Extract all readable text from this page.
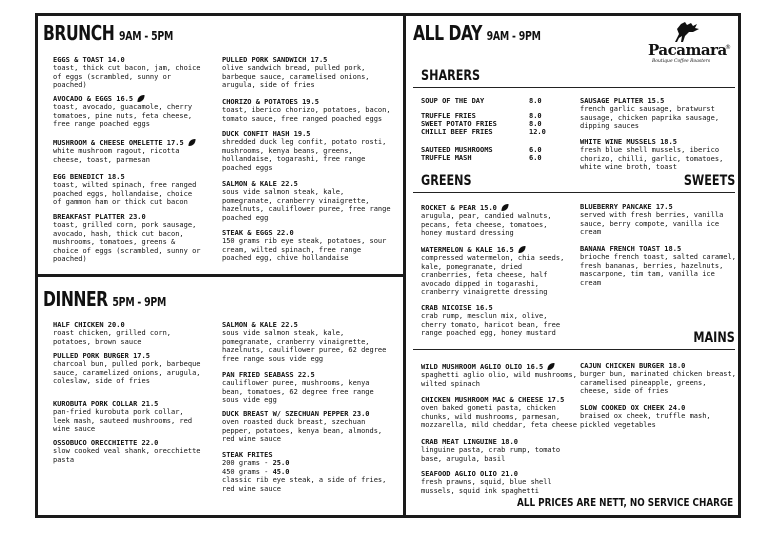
BRUNCH 9AM - 5PM
EGGS & TOAST 14.0
toast, thick cut bacon, jam, choice of eggs (scrambled, sunny or poached)
AVOCADO & EGGS 16.5
toast, avocado, guacamole, cherry tomatoes, pine nuts, feta cheese, free range poached eggs
MUSHROOM & CHEESE OMELETTE 17.5
white mushroom ragout, ricotta cheese, toast, parmesan
EGG BENEDICT 18.5
toast, wilted spinach, free ranged poached eggs, hollandaise, choice of gammon ham or thick cut bacon
BREAKFAST PLATTER 23.0
toast, grilled corn, pork sausage, avocado, hash, thick cut bacon, mushrooms, tomatoes, greens & choice of eggs (scrambled, sunny or poached)
PULLED PORK SANDWICH 17.5
olive sandwich bread, pulled pork, barbeque sauce, caramelised onions, arugula, side of fries
CHORIZO & POTATOES 19.5
toast, iberico chorizo, potatoes, bacon, tomato sauce, free ranged poached eggs
DUCK CONFIT HASH 19.5
shredded duck leg confit, potato rosti, mushrooms, kenya beans, greens, hollandaise, togarashi, free range poached eggs
SALMON & KALE 22.5
sous vide salmon steak, kale, pomegranate, cranberry vinaigrette, hazelnuts, cauliflower puree, free range poached egg
STEAK & EGGS 22.0
150 grams rib eye steak, potatoes, sour cream, wilted spinach, free range poached egg, chive hollandaise
DINNER 5PM - 9PM
HALF CHICKEN 20.0
roast chicken, grilled corn, potatoes, brown sauce
PULLED PORK BURGER 17.5
charcoal bun, pulled pork, barbeque sauce, caramelized onions, arugula, coleslaw, side of fries
KUROBUTA PORK COLLAR 21.5
pan-fried kurobuta pork collar, leek mash, sauteed mushrooms, red wine sauce
OSSOBUCO ORECCHIETTE 22.0
slow cooked veal shank, orecchiette pasta
SALMON & KALE 22.5
sous vide salmon steak, kale, pomegranate, cranberry vinaigrette, hazelnuts, cauliflower puree, 62 degree free range sous vide egg
PAN FRIED SEABASS 22.5
cauliflower puree, mushrooms, kenya bean, tomatoes, 62 degree free range sous vide egg
DUCK BREAST W/ SZECHUAN PEPPER 23.0
oven roasted duck breast, szechuan pepper, potatoes, kenya bean, almonds, red wine sauce
STEAK FRITES
200 grams - 25.0
450 grams - 45.0
classic rib eye steak, a side of fries, red wine sauce
ALL DAY 9AM - 9PM
Pacamara
®
Boutique Coffee Roasters
SHARERS
SOUP OF THE DAY	8.0
TRUFFLE FRIES	8.0
SWEET POTATO FRIES	8.0
CHILLI BEEF FRIES	12.0
SAUTEED MUSHROOMS	6.0
TRUFFLE MASH	6.0
SAUSAGE PLATTER 15.5
french garlic sausage, bratwurst sausage, chicken paprika sausage, dipping sauces
WHITE WINE MUSSELS 18.5
fresh blue shell mussels, iberico chorizo, chilli, garlic, tomatoes, white wine broth, toast
GREENS	SWEETS
ROCKET & PEAR 15.0
arugula, pear, candied walnuts, pecans, feta cheese, tomatoes, honey mustard dressing
WATERMELON & KALE 16.5
compressed watermelon, chia seeds, kale, pomegranate, dried cranberries, feta cheese, half avocado dipped in togarashi, cranberry vinaigrette dressing
CRAB NICOISE 16.5
crab rump, mesclun mix, olive, cherry tomato, haricot bean, free range poached egg, honey mustard
BLUEBERRY PANCAKE 17.5
served with fresh berries, vanilla sauce, berry compote, vanilla ice cream
BANANA FRENCH TOAST 18.5
brioche french toast, salted caramel, fresh bananas, berries, hazelnuts, mascarpone, tim tam, vanilla ice cream
MAINS
WILD MUSHROOM AGLIO OLIO 16.5
spaghetti aglio olio, wild mushrooms, wilted spinach
CHICKEN MUSHROOM MAC & CHEESE 17.5
oven baked gometi pasta, chicken chunks, wild mushrooms, parmesan, mozzarella, mild cheddar, feta cheese
CRAB MEAT LINGUINE 18.0
linguine pasta, crab rump, tomato base, arugula, basil
SEAFOOD AGLIO OLIO 21.0
fresh prawns, squid, blue shell mussels, squid ink spaghetti
CAJUN CHICKEN BURGER 18.0
burger bun, marinated chicken breast, caramelised pineapple, greens, cheese, side of fries
SLOW COOKED OX CHEEK 24.0
braised ox cheek, truffle mash, pickled vegetables
ALL PRICES ARE NETT, NO SERVICE CHARGE
